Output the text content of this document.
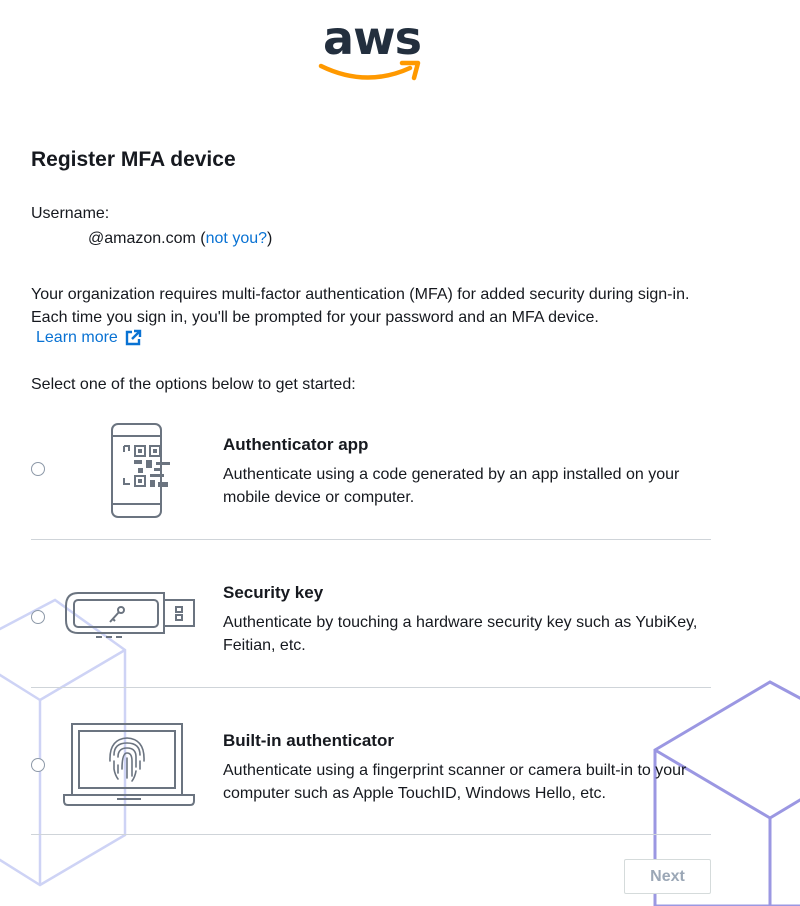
aws
Register MFA device
Username:
@amazon.com (not you?)
Your organization requires multi-factor authentication (MFA) for added security during sign-in. Each time you sign in, you'll be prompted for your password and an MFA device.
Learn more
Select one of the options below to get started:
Authenticator app
Authenticate using a code generated by an app installed on your mobile device or computer.
Security key
Authenticate by touching a hardware security key such as YubiKey, Feitian, etc.
Built-in authenticator
Authenticate using a fingerprint scanner or camera built-in to your computer such as Apple TouchID, Windows Hello, etc.
Next
